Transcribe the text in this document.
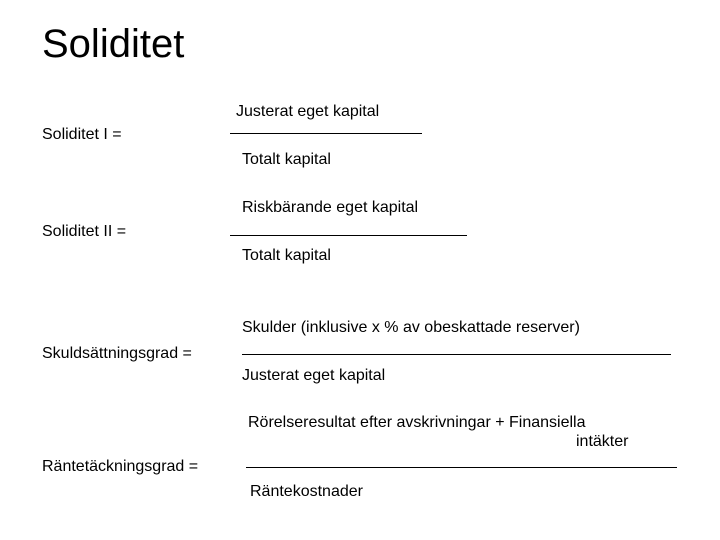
Soliditet
Justerat eget kapital
Soliditet I =
Totalt kapital
Riskbärande eget kapital
Soliditet II =
Totalt kapital
Skulder (inklusive x % av obeskattade reserver)
Skuldsättningsgrad =
Justerat eget kapital
Rörelseresultat efter avskrivningar + Finansiella
intäkter
Räntetäckningsgrad =
Räntekostnader
